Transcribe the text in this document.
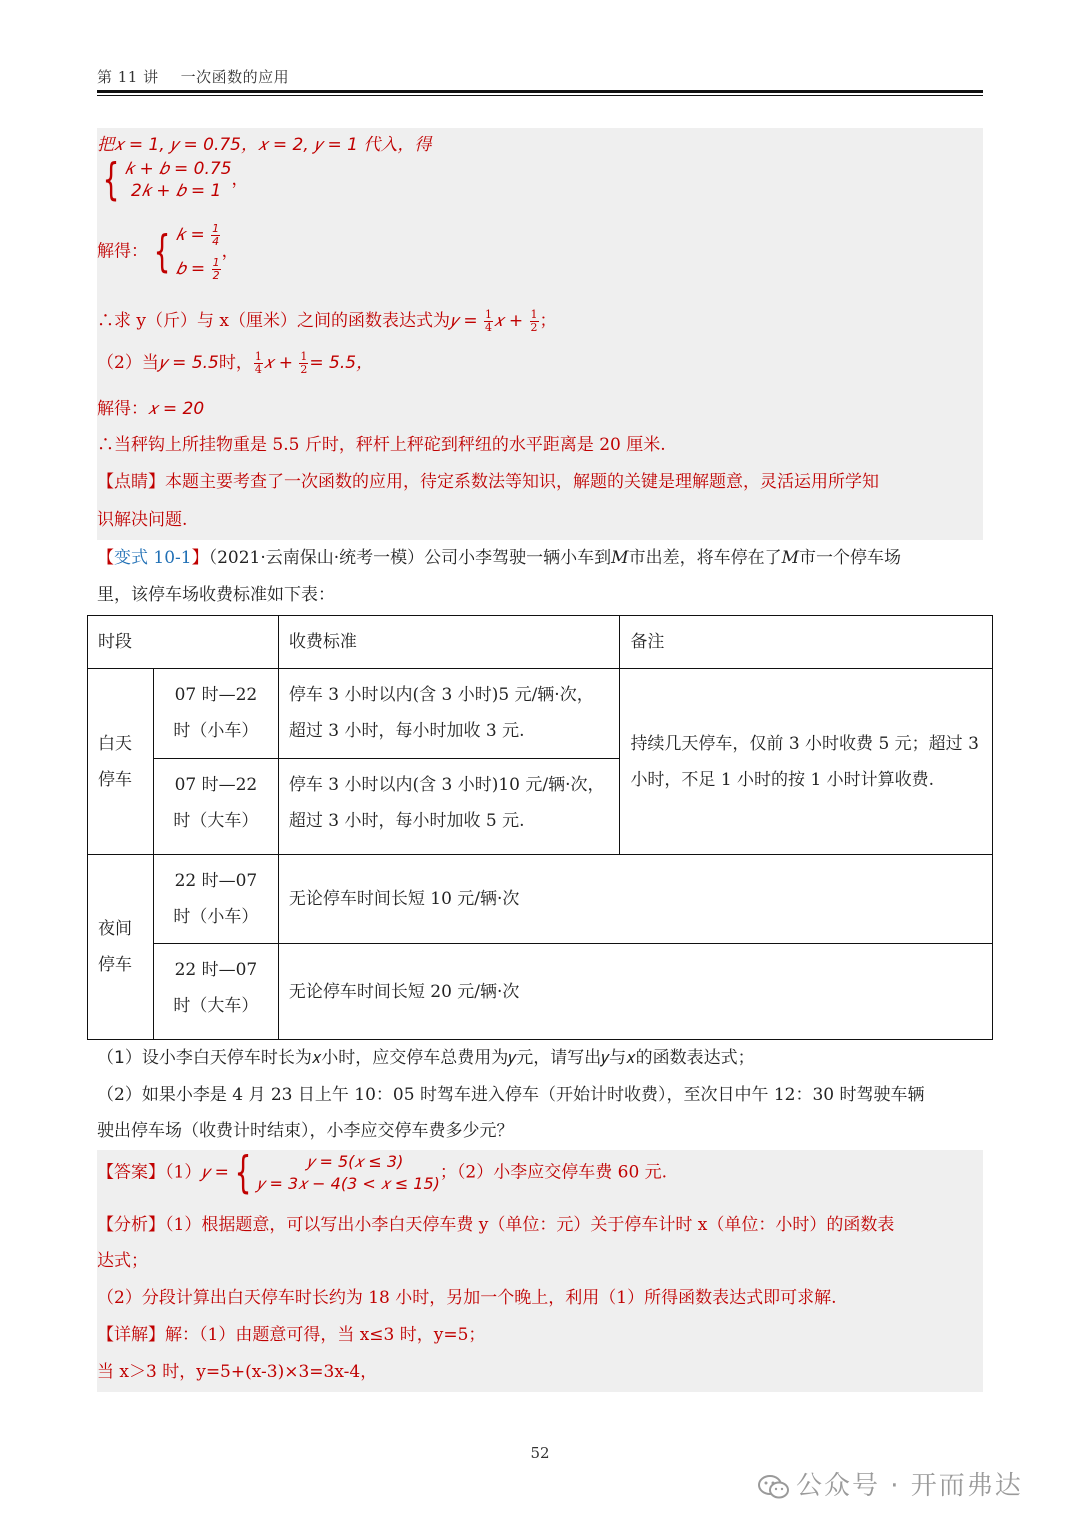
第 11 讲 一次函数的应用
把𝑥 = 1, 𝑦 = 0.75，𝑥 = 2, 𝑦 = 1 代入，得
{ 𝑘 + 𝑏 = 0.75
2𝑘 + 𝑏 = 1
，
解得： { 𝑘 = $\frac{1}{4}$
𝑏 = $\frac{1}{2}$
，
∴求 y（斤）与 x（厘米）之间的函数表达式为𝑦 = $\frac{1}{4}$ 𝑥 + $\frac{1}{2}$ ；
（2）当𝑦 = 5.5时， $\frac{1}{4}$ 𝑥 + $\frac{1}{2} = 5.5$，
解得：𝑥 = 20
∴当秤钩上所挂物重是 5.5 斤时，秤杆上秤砣到秤纽的水平距离是 20 厘米.
【点睛】本题主要考查了一次函数的应用，待定系数法等知识，解题的关键是理解题意，灵活运用所学知
识解决问题.
【变式 10-1】（2021·云南保山·统考一模）公司小李驾驶一辆小车到𝑀市出差，将车停在了𝑀市一个停车场
里，该停车场收费标准如下表：
时段		收费标准	备注
白天停车	07 时—22 时（小车）	停车 3 小时以内(含 3 小时)5 元/辆·次，超过 3 小时，每小时加收 3 元.	持续几天停车，仅前 3 小时收费 5 元；超过 3 小时，不足 1 小时的按 1 小时计算收费.
	07 时—22 时（大车）	停车 3 小时以内(含 3 小时)10 元/辆·次，超过 3 小时，每小时加收 5 元.	
夜间停车	22 时—07 时（小车）	无论停车时间长短 10 元/辆·次	
	22 时—07 时（大车）	无论停车时间长短 20 元/辆·次	
（1）设小李白天停车时长为𝑥小时，应交停车总费用为𝑦元，请写出𝑦与𝑥的函数表达式；
（2）如果小李是 4 月 23 日上午 10：05 时驾车进入停车（开始计时收费），至次日中午 12：30 时驾驶车辆
驶出停车场（收费计时结束），小李应交停车费多少元？
【答案】（1）𝑦 = {	𝑦 = 5(𝑥 ≤ 3)
𝑦 = 3𝑥 − 4(3 < 𝑥 ≤ 15)
；（2）小李应交停车费 60 元.
【分析】（1）根据题意，可以写出小李白天停车费 y（单位：元）关于停车计时 x（单位：小时）的函数表
达式；
（2）分段计算出白天停车时长约为 18 小时，另加一个晚上，利用（1）所得函数表达式即可求解.
【详解】解：（1）由题意可得，当 x≤3 时，y=5；
当 x＞3 时，y=5+(x-3)×3=3x-4，
52
公众号 · 开而弗达
